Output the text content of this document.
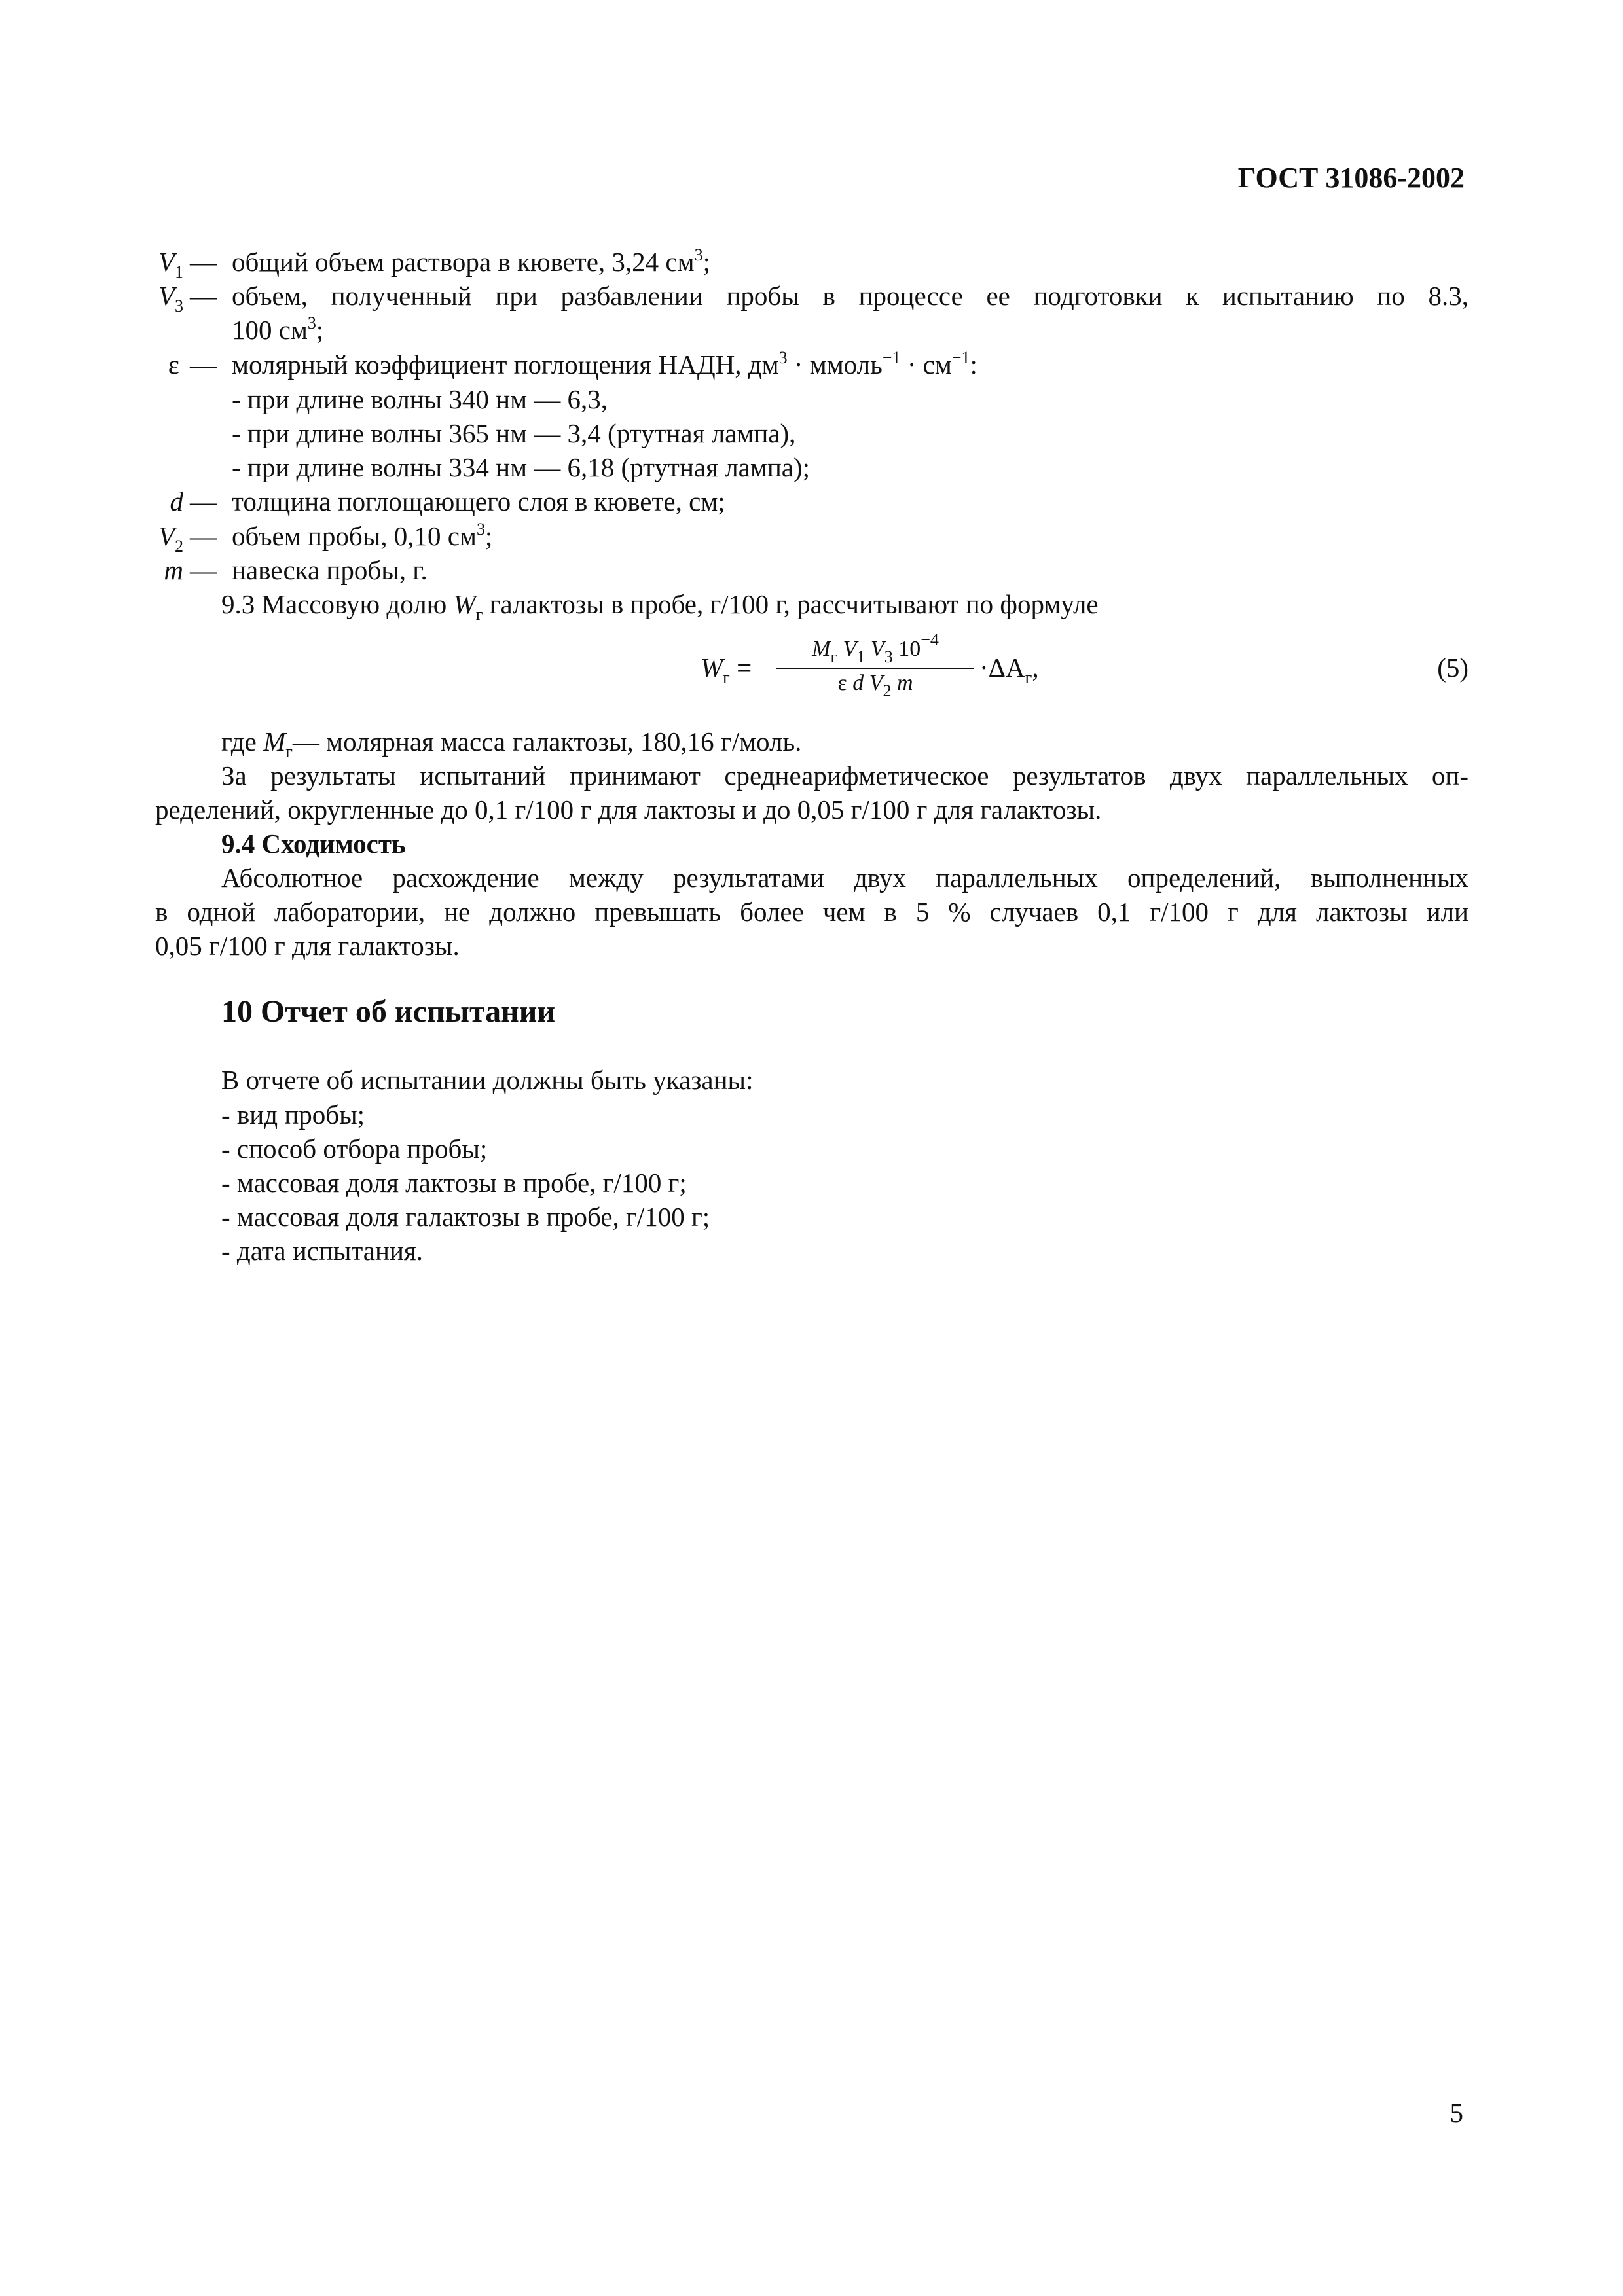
ГОСТ 31086-2002
$V_1$ — общий объем раствора в кювете, 3,24 $см^3$;
$V_3$ — объем, полученный при разбавлении пробы в процессе ее подготовки к испытанию по 8.3,
100 $см^3$;
ε — молярный коэффициент поглощения НАДН, $дм^3$ · ммоль$^{-1}$ · $см^{-1}$:
- при длине волны 340 нм — 6,3,
- при длине волны 365 нм — 3,4 (ртутная лампа),
- при длине волны 334 нм — 6,18 (ртутная лампа);
d — толщина поглощающего слоя в кювете, см;
$V_2$ — объем пробы, 0,10 $см^3$;
m — навеска пробы, г.
9.3 Массовую долю $W_г$ галактозы в пробе, г/100 г, рассчитывают по формуле
$W_г$ =
$M_г$ $V_1$ $V_3$ $10^{-4}$
ε d $V_2$ m
$\cdot\Delta A_г$,	(5)
где $M_г—$ молярная масса галактозы, 180,16 г/моль.
За результаты испытаний принимают среднеарифметическое результатов двух параллельных оп-
ределений, округленные до 0,1 г/100 г для лактозы и до 0,05 г/100 г для галактозы.
9.4 Сходимость
Абсолютное расхождение между результатами двух параллельных определений, выполненных
в одной лаборатории, не должно превышать более чем в 5 % случаев 0,1 г/100 г для лактозы или
0,05 г/100 г для галактозы.
10 Отчет об испытании
В отчете об испытании должны быть указаны:
- вид пробы;
- способ отбора пробы;
- массовая доля лактозы в пробе, г/100 г;
- массовая доля галактозы в пробе, г/100 г;
- дата испытания.
5
